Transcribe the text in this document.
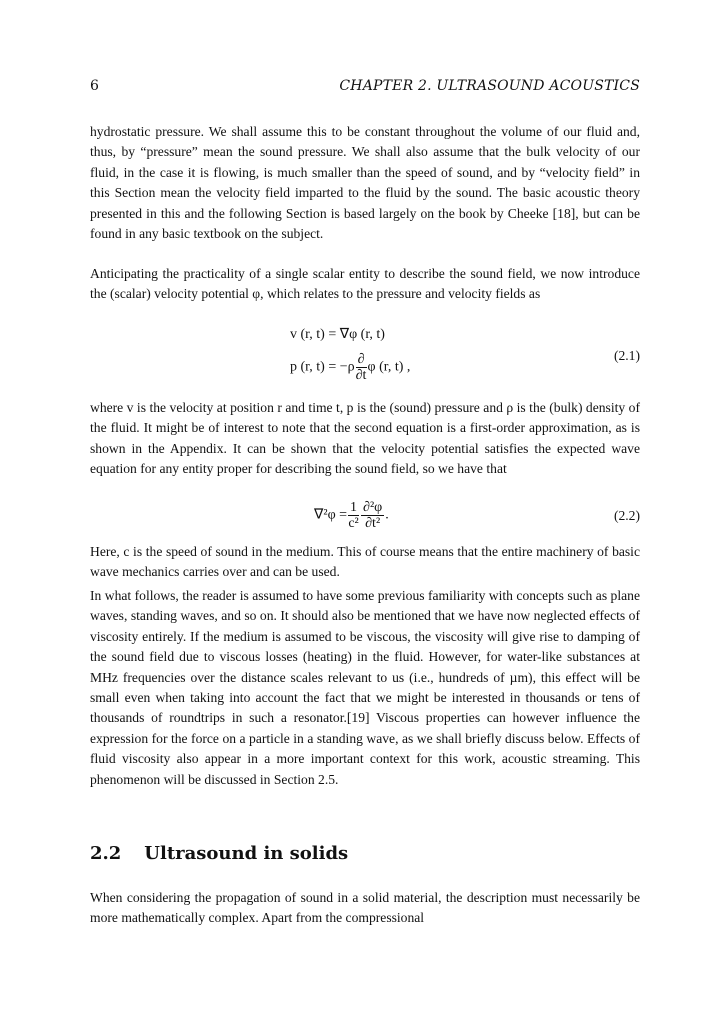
6	CHAPTER 2. ULTRASOUND ACOUSTICS

hydrostatic pressure. We shall assume this to be constant throughout the volume of our fluid and, thus, by “pressure” mean the sound pressure. We shall also assume that the bulk velocity of our fluid, in the case it is flowing, is much smaller than the speed of sound, and by “velocity field” in this Section mean the velocity field imparted to the fluid by the sound. The basic acoustic theory presented in this and the following Section is based largely on the book by Cheeke [18], but can be found in any basic textbook on the subject.

Anticipating the practicality of a single scalar entity to describe the sound field, we now introduce the (scalar) velocity potential φ, which relates to the pressure and velocity fields as

v (r, t) = ∇φ (r, t)
p (r, $t) = -\rho \frac{\partial}{\partial t}$ φ (r, t) ,
(2.1)

where v is the velocity at position r and time t, p is the (sound) pressure and ρ is the (bulk) density of the fluid. It might be of interest to note that the second equation is a first-order approximation, as is shown in the Appendix. It can be shown that the velocity potential satisfies the expected wave equation for any entity proper for describing the sound field, so we have that

$\nabla^2\varphi = \frac{1}{\text{c²}} \frac{\text{∂²φ}}{\text{∂t²}}$ .	(2.2)

Here, c is the speed of sound in the medium. This of course means that the entire machinery of basic wave mechanics carries over and can be used.

In what follows, the reader is assumed to have some previous familiarity with concepts such as plane waves, standing waves, and so on. It should also be mentioned that we have now neglected effects of viscosity entirely. If the medium is assumed to be viscous, the viscosity will give rise to damping of the sound field due to viscous losses (heating) in the fluid. However, for water-like substances at MHz frequencies over the distance scales relevant to us (i.e., hundreds of µm), this effect will be small even when taking into account the fact that we might be interested in thousands or tens of thousands of roundtrips in such a resonator.[19] Viscous properties can however influence the expression for the force on a particle in a standing wave, as we shall briefly discuss below. Effects of fluid viscosity also appear in a more important context for this work, acoustic streaming. This phenomenon will be discussed in Section 2.5.

2.2 Ultrasound in solids

When considering the propagation of sound in a solid material, the description must necessarily be more mathematically complex. Apart from the compressional
